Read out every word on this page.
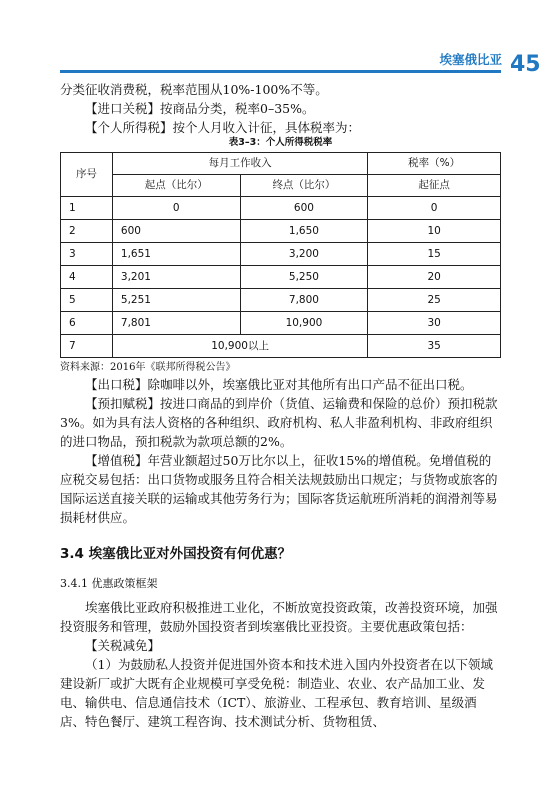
埃塞俄比亚 45

分类征收消费税，税率范围从10%-100%不等。

【进口关税】按商品分类，税率0–35%。

【个人所得税】按个人月收入计征，具体税率为：

表3–3：个人所得税税率
序号	每月工作收入		税率（%）
	起点（比尔）	终点（比尔）	起征点
1	0	600	0
2	600	1,650	10
3	1,651	3,200	15
4	3,201	5,250	20
5	5,251	7,800	25
6	7,801	10,900	30
7	10,900以上		35
资料来源：2016年《联邦所得税公告》

【出口税】除咖啡以外，埃塞俄比亚对其他所有出口产品不征出口税。

【预扣赋税】按进口商品的到岸价（货值、运输费和保险的总价）预扣税款3%。如为具有法人资格的各种组织、政府机构、私人非盈利机构、非政府组织的进口物品，预扣税款为款项总额的2%。

【增值税】年营业额超过50万比尔以上，征收15%的增值税。免增值税的应税交易包括：出口货物或服务且符合相关法规鼓励出口规定；与货物或旅客的国际运送直接关联的运输或其他劳务行为；国际客货运航班所消耗的润滑剂等易损耗材供应。

3.4 埃塞俄比亚对外国投资有何优惠？
3.4.1 优惠政策框架

埃塞俄比亚政府积极推进工业化，不断放宽投资政策，改善投资环境，加强投资服务和管理，鼓励外国投资者到埃塞俄比亚投资。主要优惠政策包括：

【关税减免】

（1）为鼓励私人投资并促进国外资本和技术进入国内外投资者在以下领域建设新厂或扩大既有企业规模可享受免税：制造业、农业、农产品加工业、发电、输供电、信息通信技术（ICT）、旅游业、工程承包、教育培训、星级酒店、特色餐厅、建筑工程咨询、技术测试分析、货物租赁、
